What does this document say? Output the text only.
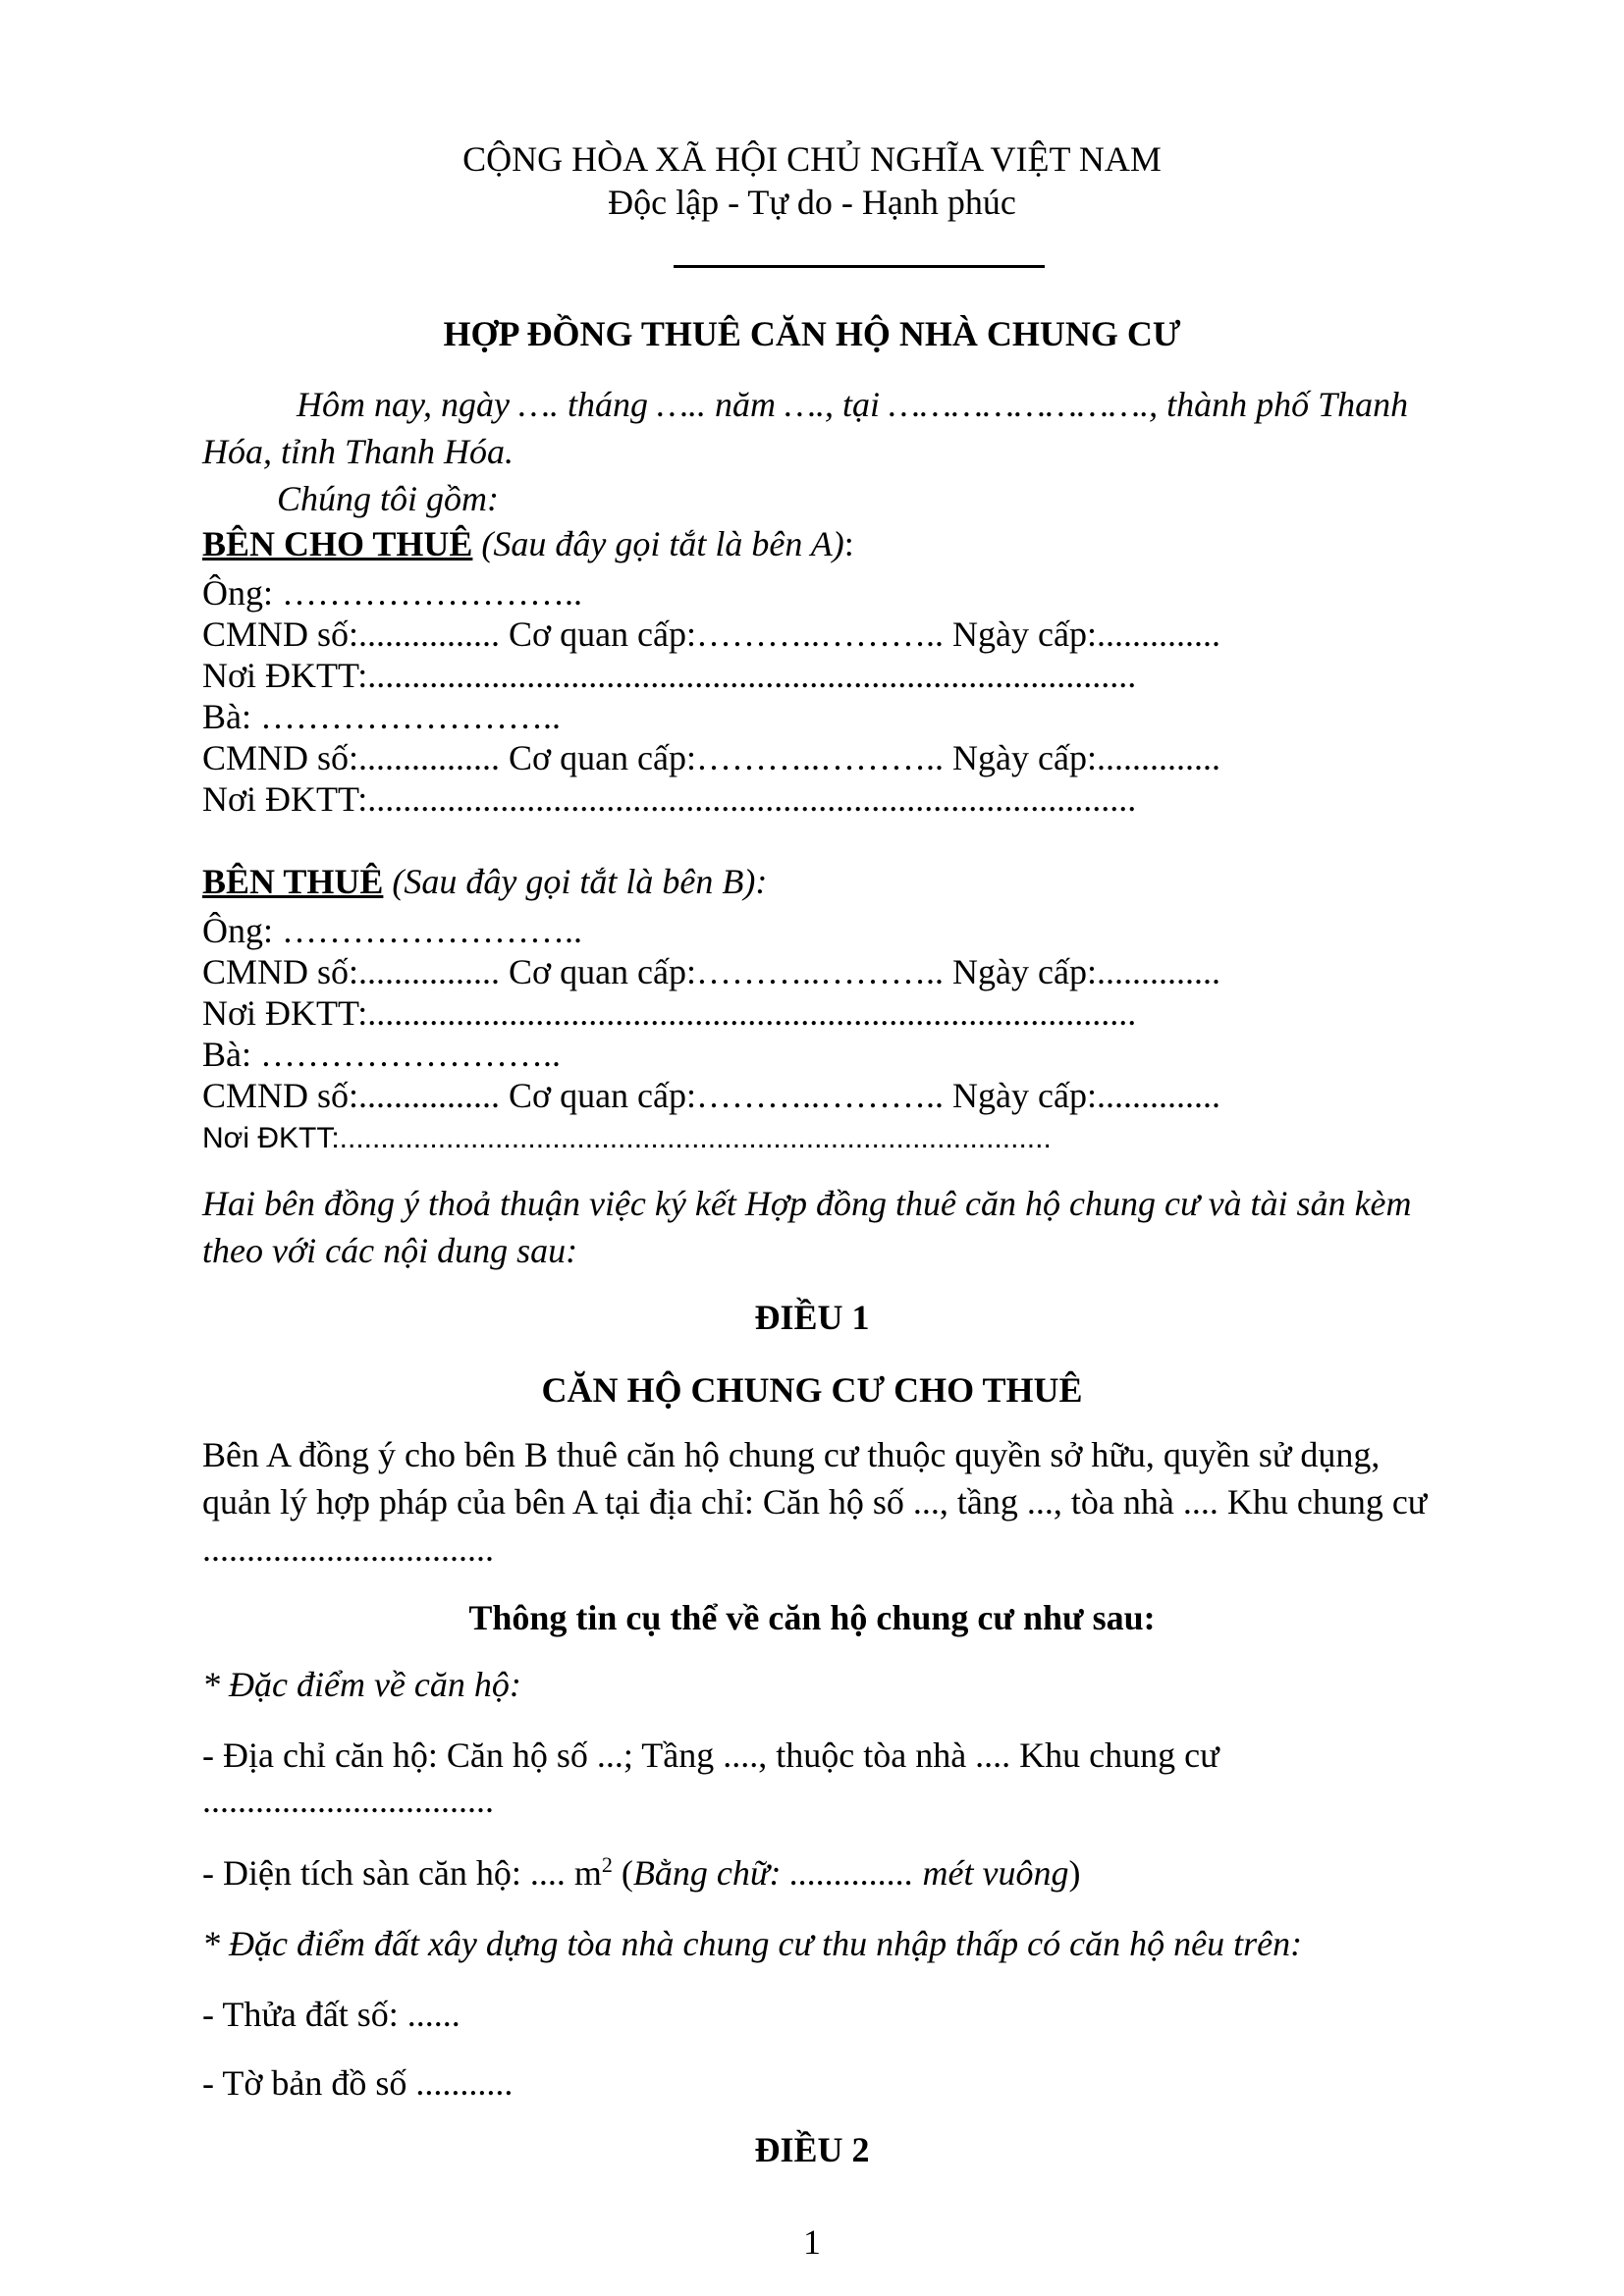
CỘNG HÒA XÃ HỘI CHỦ NGHĨA VIỆT NAM
Độc lập - Tự do - Hạnh phúc
HỢP ĐỒNG THUÊ CĂN HỘ NHÀ CHUNG CƯ
Hôm nay, ngày …. tháng ….. năm …., tại ……………………., thành phố Thanh
Hóa, tỉnh Thanh Hóa.
Chúng tôi gồm:
BÊN CHO THUÊ (Sau đây gọi tắt là bên A):
Ông: ……………………..
CMND số:................ Cơ quan cấp:………..……….. Ngày cấp:..............
Nơi ĐKTT:.......................................................................................
Bà: ……………………..
CMND số:................ Cơ quan cấp:………..……….. Ngày cấp:..............
Nơi ĐKTT:.......................................................................................
BÊN THUÊ (Sau đây gọi tắt là bên B):
Ông: ……………………..
CMND số:................ Cơ quan cấp:………..……….. Ngày cấp:..............
Nơi ĐKTT:.......................................................................................
Bà: ……………………..
CMND số:................ Cơ quan cấp:………..……….. Ngày cấp:..............
Nơi ĐKTT:.......................................................................................
Hai bên đồng ý thoả thuận việc ký kết Hợp đồng thuê căn hộ chung cư và tài sản kèm
theo với các nội dung sau:
ĐIỀU 1
CĂN HỘ CHUNG CƯ CHO THUÊ
Bên A đồng ý cho bên B thuê căn hộ chung cư thuộc quyền sở hữu, quyền sử dụng,
quản lý hợp pháp của bên A tại địa chỉ: Căn hộ số ..., tầng ..., tòa nhà .... Khu chung cư
.................................
Thông tin cụ thể về căn hộ chung cư như sau:
* Đặc điểm về căn hộ:
- Địa chỉ căn hộ: Căn hộ số ...; Tầng ...., thuộc tòa nhà .... Khu chung cư
.................................
- Diện tích sàn căn hộ: .... $m^2$ (Bằng chữ: .............. mét vuông)
* Đặc điểm đất xây dựng tòa nhà chung cư thu nhập thấp có căn hộ nêu trên:
- Thửa đất số: ......
- Tờ bản đồ số ...........
ĐIỀU 2
1
